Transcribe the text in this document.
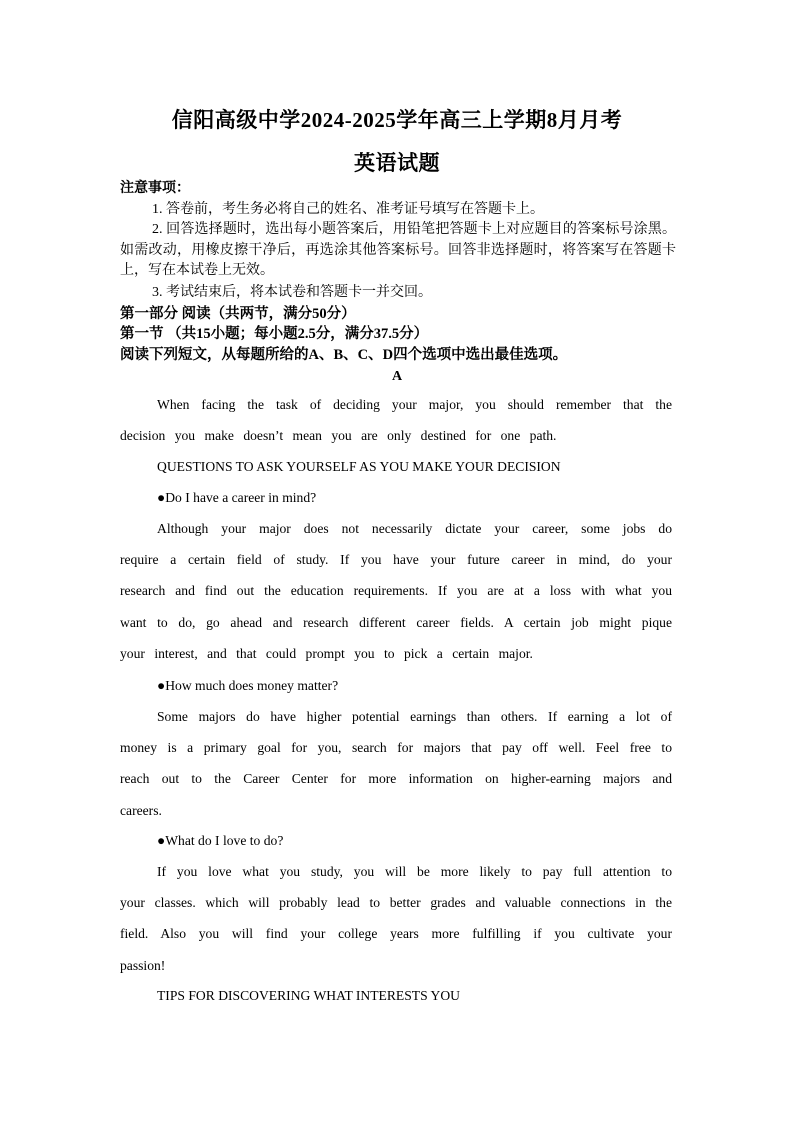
信阳高级中学2024-2025学年高三上学期8月月考
英语试题
注意事项：
1. 答卷前，考生务必将自己的姓名、准考证号填写在答题卡上。
2. 回答选择题时，选出每小题答案后，用铅笔把答题卡上对应题目的答案标号涂黑。如需改动，用橡皮擦干净后，再选涂其他答案标号。回答非选择题时，将答案写在答题卡上，写在本试卷上无效。
3. 考试结束后，将本试卷和答题卡一并交回。
第一部分 阅读（共两节，满分50分）
第一节 （共15小题；每小题2.5分，满分37.5分）
阅读下列短文，从每题所给的A、B、C、D四个选项中选出最佳选项。
A
When facing the task of deciding your major, you should remember that the decision you make doesn’t mean you are only destined for one path.
QUESTIONS TO ASK YOURSELF AS YOU MAKE YOUR DECISION
●Do I have a career in mind?
Although your major does not necessarily dictate your career, some jobs do require a certain field of study. If you have your future career in mind, do your research and find out the education requirements. If you are at a loss with what you want to do, go ahead and research different career fields. A certain job might pique your interest, and that could prompt you to pick a certain major.
●How much does money matter?
Some majors do have higher potential earnings than others. If earning a lot of money is a primary goal for you, search for majors that pay off well. Feel free to reach out to the Career Center for more information on higher-earning majors and careers.
●What do I love to do?
If you love what you study, you will be more likely to pay full attention to your classes. which will probably lead to better grades and valuable connections in the field. Also you will find your college years more fulfilling if you cultivate your passion!
TIPS FOR DISCOVERING WHAT INTERESTS YOU
